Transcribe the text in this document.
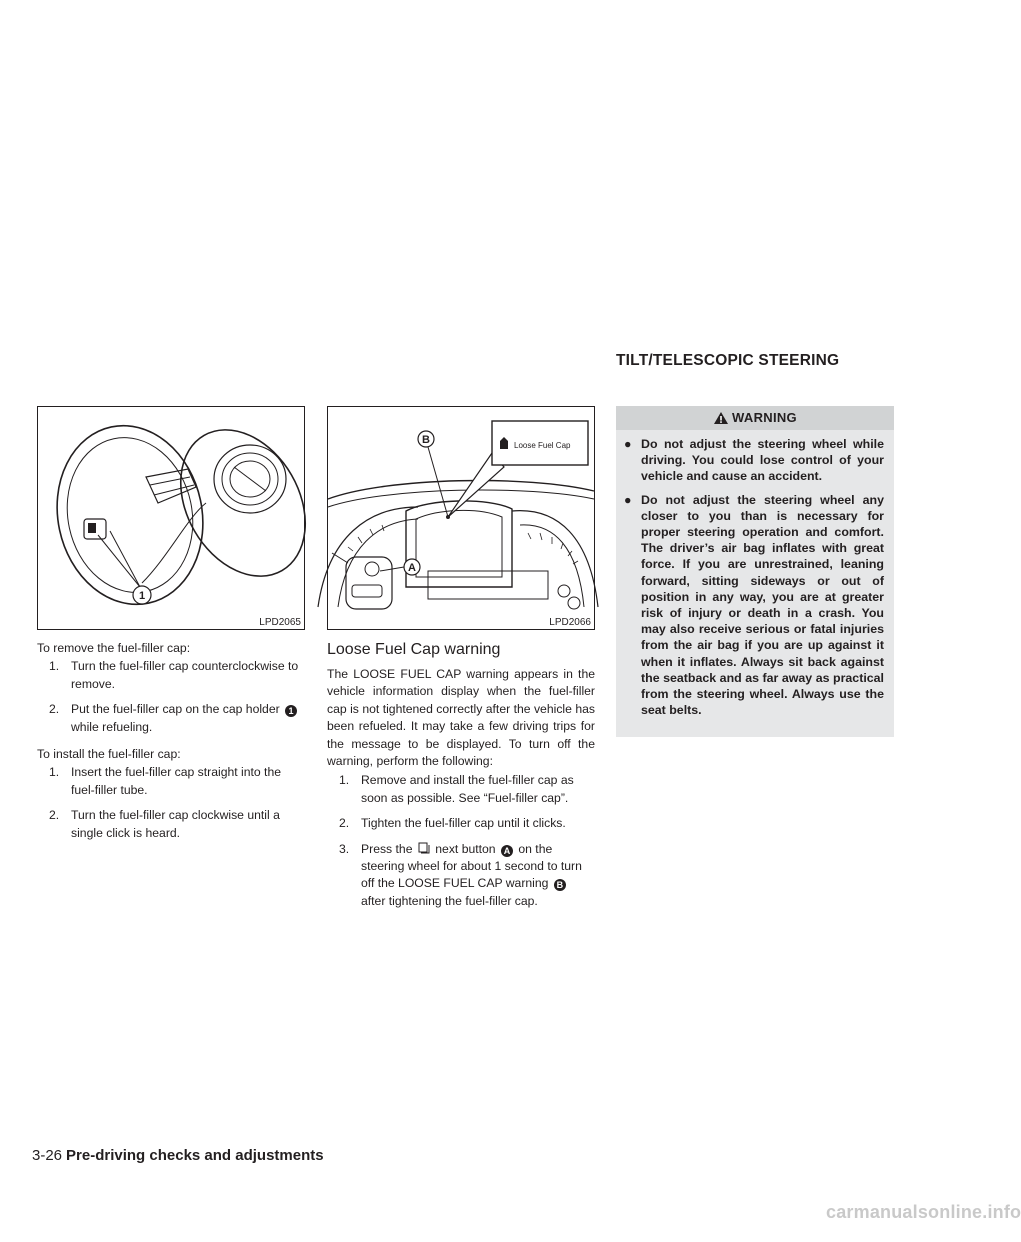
TILT/TELESCOPIC STEERING
1
LPD2065

To remove the fuel-filler cap:

1. Turn the fuel-filler cap counterclockwise to remove.
2. Put the fuel-filler cap on the cap holder 1 while refueling.

To install the fuel-filler cap:

1. Insert the fuel-filler cap straight into the fuel-filler tube.
2. Turn the fuel-filler cap clockwise until a single click is heard.
A
B	Loose Fuel Cap
LPD2066
Loose Fuel Cap warning

The LOOSE FUEL CAP warning appears in the vehicle information display when the fuel-filler cap is not tightened correctly after the vehicle has been refueled. It may take a few driving trips for the message to be displayed. To turn off the warning, perform the following:

1. Remove and install the fuel-filler cap as soon as possible. See “Fuel-filler cap”.
2. Tighten the fuel-filler cap until it clicks.
3. Press the next button A on the steering wheel for about 1 second to turn off the LOOSE FUEL CAP warning B after tightening the fuel-filler cap.
WARNING
● Do not adjust the steering wheel while driving. You could lose control of your vehicle and cause an accident.
● Do not adjust the steering wheel any closer to you than is necessary for proper steering operation and comfort. The driver’s air bag inflates with great force. If you are unrestrained, leaning forward, sitting sideways or out of position in any way, you are at greater risk of injury or death in a crash. You may also receive serious or fatal injuries from the air bag if you are up against it when it inflates. Always sit back against the seatback and as far away as practical from the steering wheel. Always use the seat belts.
3-26 Pre-driving checks and adjustments
carmanualsonline.info
